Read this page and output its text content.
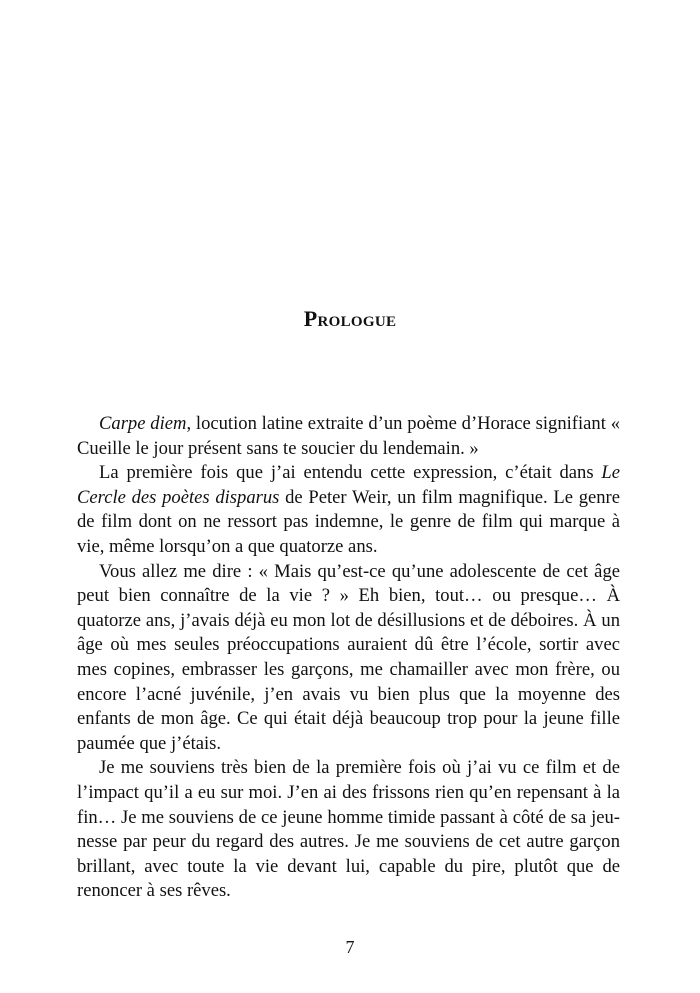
Prologue

Carpe diem, locution latine extraite d’un poème d’Horace signifiant « Cueille le jour présent sans te soucier du lendemain. »

La première fois que j’ai entendu cette expression, c’était dans Le Cercle des poètes disparus de Peter Weir, un film magnifique. Le genre de film dont on ne ressort pas indemne, le genre de film qui marque à vie, même lorsqu’on a que quatorze ans.

Vous allez me dire : « Mais qu’est-ce qu’une adolescente de cet âge peut bien connaître de la vie ? » Eh bien, tout… ou presque… À quatorze ans, j’avais déjà eu mon lot de désillusions et de déboires. À un âge où mes seules préoccupations auraient dû être l’école, sortir avec mes copines, embrasser les garçons, me chamailler avec mon frère, ou encore l’acné juvénile, j’en avais vu bien plus que la moyenne des enfants de mon âge. Ce qui était déjà beaucoup trop pour la jeune fille paumée que j’étais.

Je me souviens très bien de la première fois où j’ai vu ce film et de l’impact qu’il a eu sur moi. J’en ai des frissons rien qu’en repensant à la fin… Je me souviens de ce jeune homme timide passant à côté de sa jeunesse par peur du regard des autres. Je me souviens de cet autre garçon brillant, avec toute la vie devant lui, capable du pire, plutôt que de renoncer à ses rêves.

7
